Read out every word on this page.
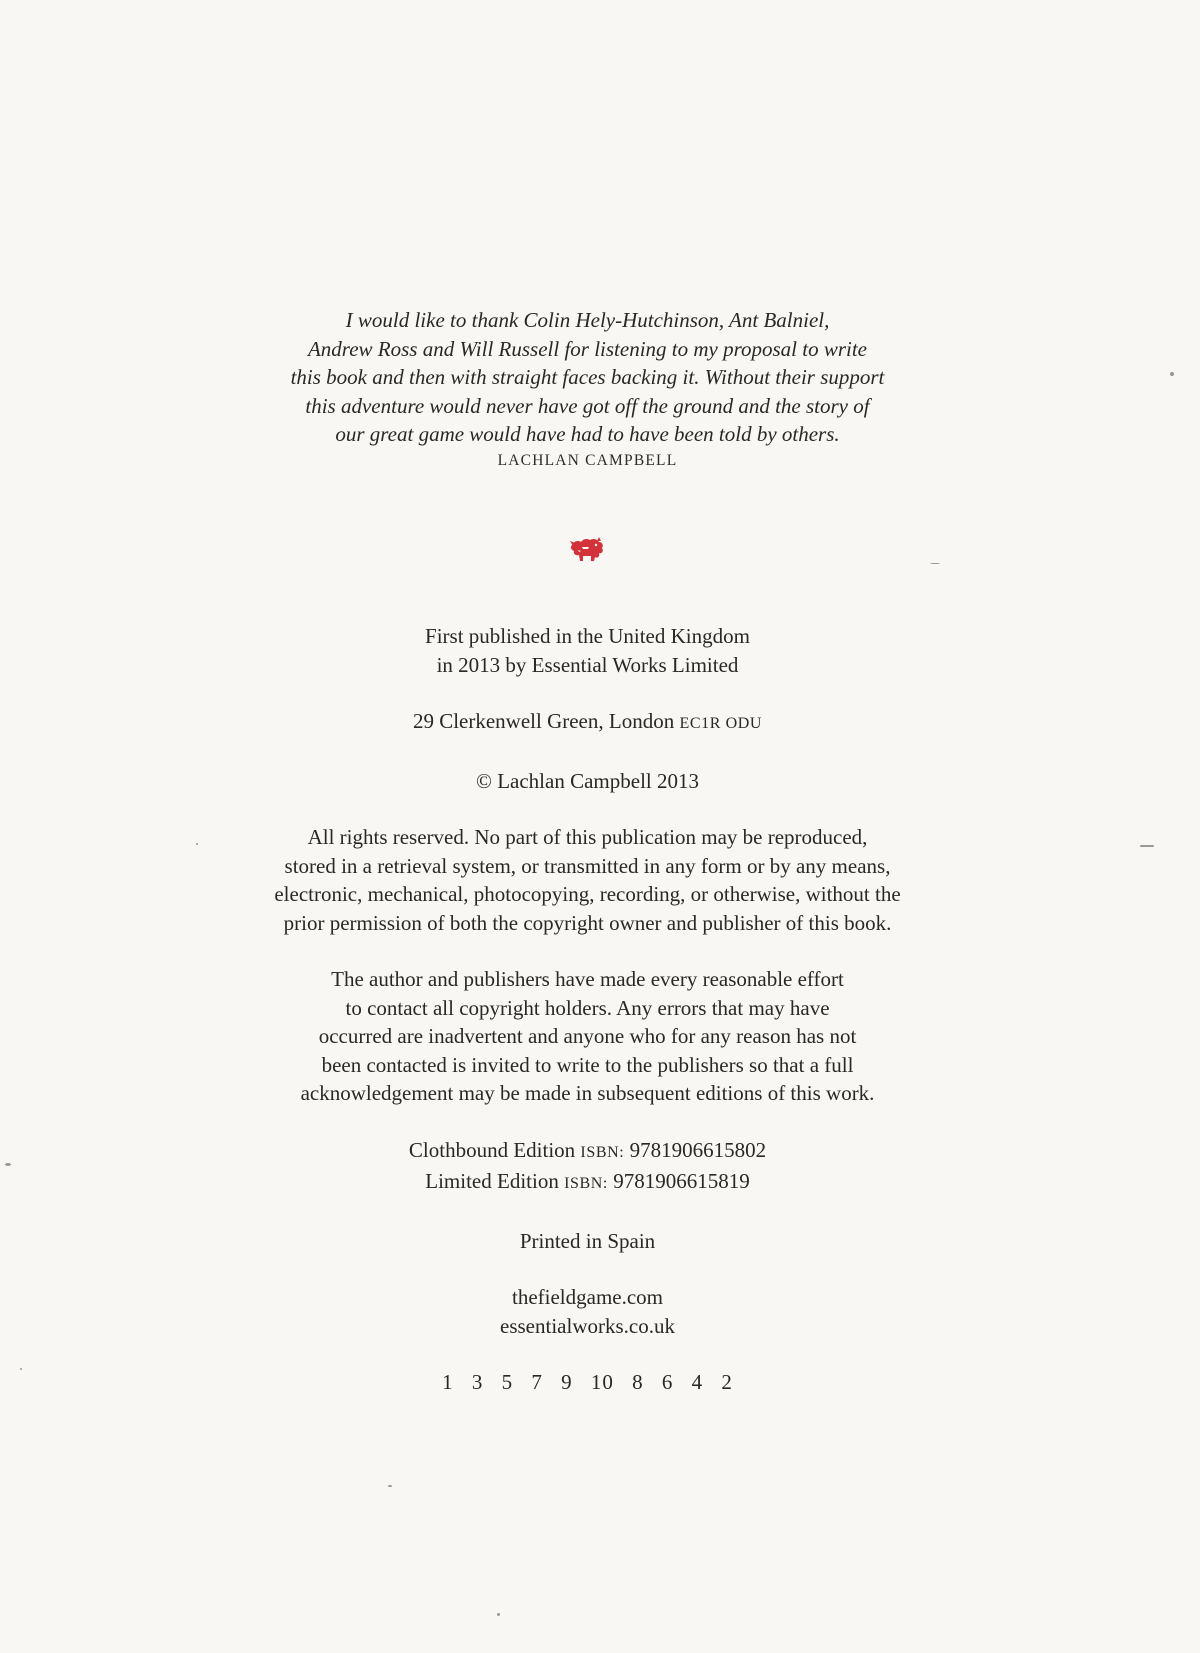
I would like to thank Colin Hely-Hutchinson, Ant Balniel,
Andrew Ross and Will Russell for listening to my proposal to write
this book and then with straight faces backing it. Without their support
this adventure would never have got off the ground and the story of
our great game would have had to have been told by others.
LACHLAN CAMPBELL
First published in the United Kingdom
in 2013 by Essential Works Limited
29 Clerkenwell Green, London EC1R ODU
© Lachlan Campbell 2013
All rights reserved. No part of this publication may be reproduced,
stored in a retrieval system, or transmitted in any form or by any means,
electronic, mechanical, photocopying, recording, or otherwise, without the
prior permission of both the copyright owner and publisher of this book.
The author and publishers have made every reasonable effort
to contact all copyright holders. Any errors that may have
occurred are inadvertent and anyone who for any reason has not
been contacted is invited to write to the publishers so that a full
acknowledgement may be made in subsequent editions of this work.
Clothbound Edition ISBN: 9781906615802
Limited Edition ISBN: 9781906615819
Printed in Spain
thefieldgame.com
essentialworks.co.uk
1 3 5 7 9 10 8 6 4 2
